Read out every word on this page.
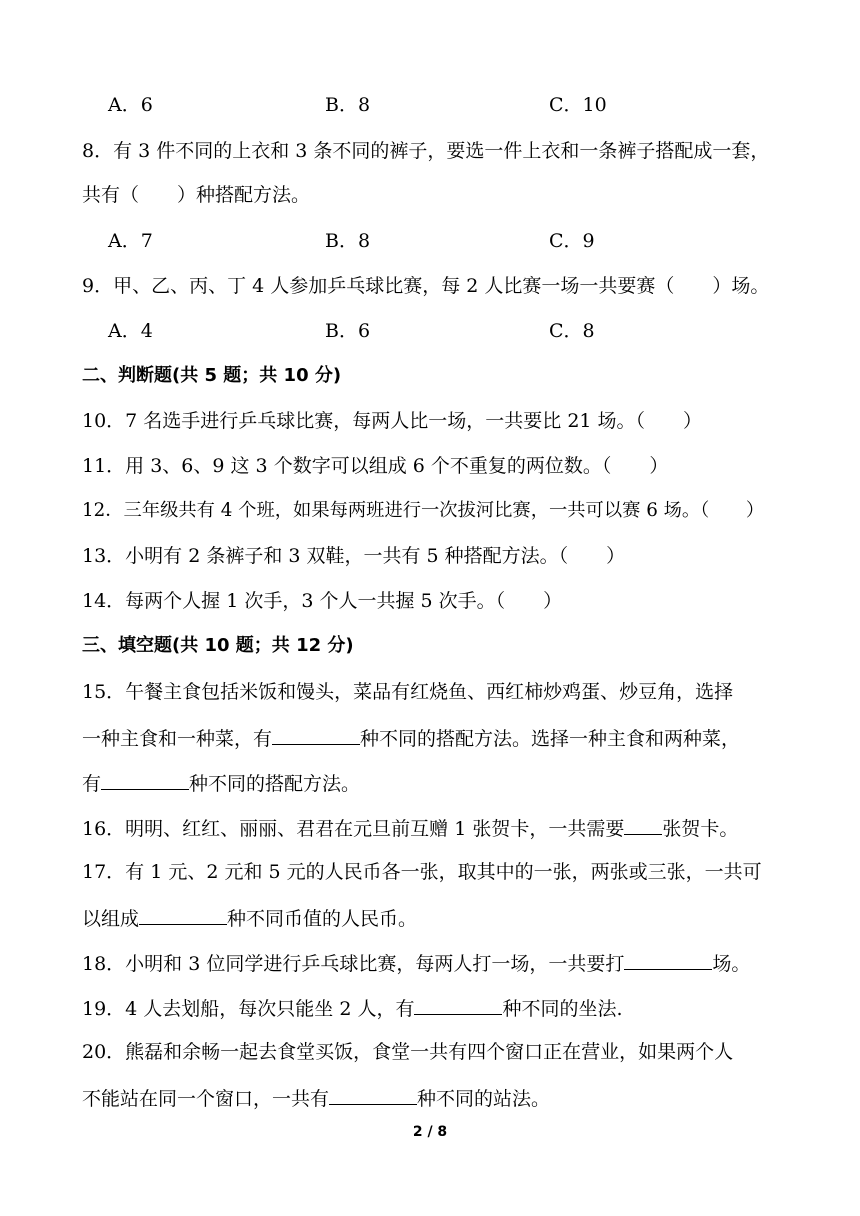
A．6	B．8	C．10
8．有 3 件不同的上衣和 3 条不同的裤子，要选一件上衣和一条裤子搭配成一套，
共有（　　）种搭配方法。
A．7	B．8	C．9
9．甲、乙、丙、丁 4 人参加乒乓球比赛，每 2 人比赛一场一共要赛（　　）场。
A．4	B．6	C．8
二、判断题(共 5 题；共 10 分)
10．7 名选手进行乒乓球比赛，每两人比一场，一共要比 21 场。（　　）
11．用 3、6、9 这 3 个数字可以组成 6 个不重复的两位数。（　　）
12．三年级共有 4 个班，如果每两班进行一次拔河比赛，一共可以赛 6 场。（　　）
13．小明有 2 条裤子和 3 双鞋，一共有 5 种搭配方法。（　　）
14．每两个人握 1 次手，3 个人一共握 5 次手。（　　）
三、填空题(共 10 题；共 12 分)
15．午餐主食包括米饭和馒头，菜品有红烧鱼、西红柿炒鸡蛋、炒豆角，选择
一种主食和一种菜，有	种不同的搭配方法。选择一种主食和两种菜，
有	种不同的搭配方法。
16．明明、红红、丽丽、君君在元旦前互赠 1 张贺卡，一共需要 张贺卡。
17．有 1 元、2 元和 5 元的人民币各一张，取其中的一张，两张或三张，一共可
以组成	种不同币值的人民币。
18．小明和 3 位同学进行乒乓球比赛，每两人打一场，一共要打	场。
19．4 人去划船，每次只能坐 2 人，有	种不同的坐法.
20．熊磊和余畅一起去食堂买饭，食堂一共有四个窗口正在营业，如果两个人
不能站在同一个窗口，一共有	种不同的站法。
2 / 8
